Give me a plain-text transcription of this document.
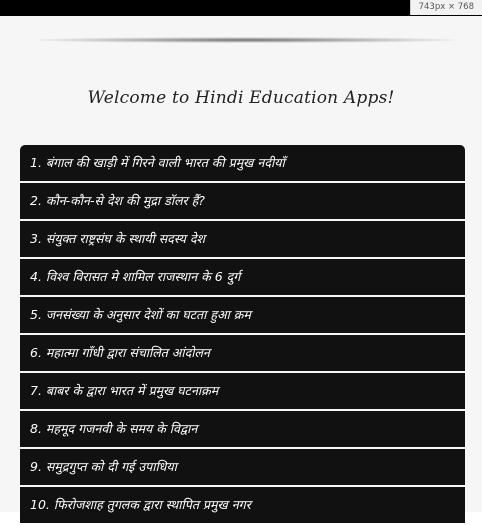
743px × 768
Welcome to Hindi Education Apps!
1. बंगाल की खाड़ी में गिरने वाली भारत की प्रमुख नदीयाँ
2. कौन-कौन-से देश की मुद्रा डॉलर हैं?
3. संयुक्त राष्ट्रसंघ के स्थायी सदस्य देश
4. विश्व विरासत मे शामिल राजस्थान के 6 दुर्ग
5. जनसंख्या के अनुसार देशों का घटता हुआ क्रम
6. महात्मा गाँधी द्वारा संचालित आंदोलन
7. बाबर के द्वारा भारत में प्रमुख घटनाक्रम
8. महमूद गजनवी के समय के विद्वान
9. समुद्रगुप्त को दी गई उपाधिया
10. फिरोजशाह तुगलक द्वारा स्थापित प्रमुख नगर
